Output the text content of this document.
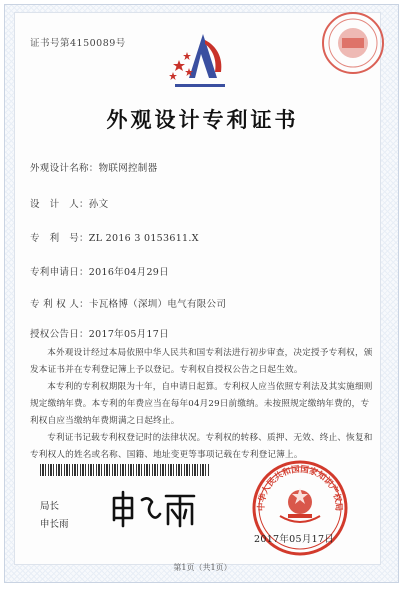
证书号第4150089号
外观设计专利证书
外观设计名称：物联网控制器
设　计　人：孙文
专　利　号：ZL 2016 3 0153611.X
专利申请日：2016年04月29日
专 利 权 人：卡瓦格博（深圳）电气有限公司
授权公告日：2017年05月17日

本外观设计经过本局依照中华人民共和国专利法进行初步审查，决定授予专利权，颁发本证书并在专利登记簿上予以登记。专利权自授权公告之日起生效。

本专利的专利权期限为十年，自申请日起算。专利权人应当依照专利法及其实施细则规定缴纳年费。本专利的年费应当在每年04月29日前缴纳。未按照规定缴纳年费的，专利权自应当缴纳年费期满之日起终止。

专利证书记载专利权登记时的法律状况。专利权的转移、质押、无效、终止、恢复和专利权人的姓名或名称、国籍、地址变更等事项记载在专利登记簿上。

局长
申长雨
中华人民共和国国家知识产权局
2017年05月17日
第1页（共1页）
